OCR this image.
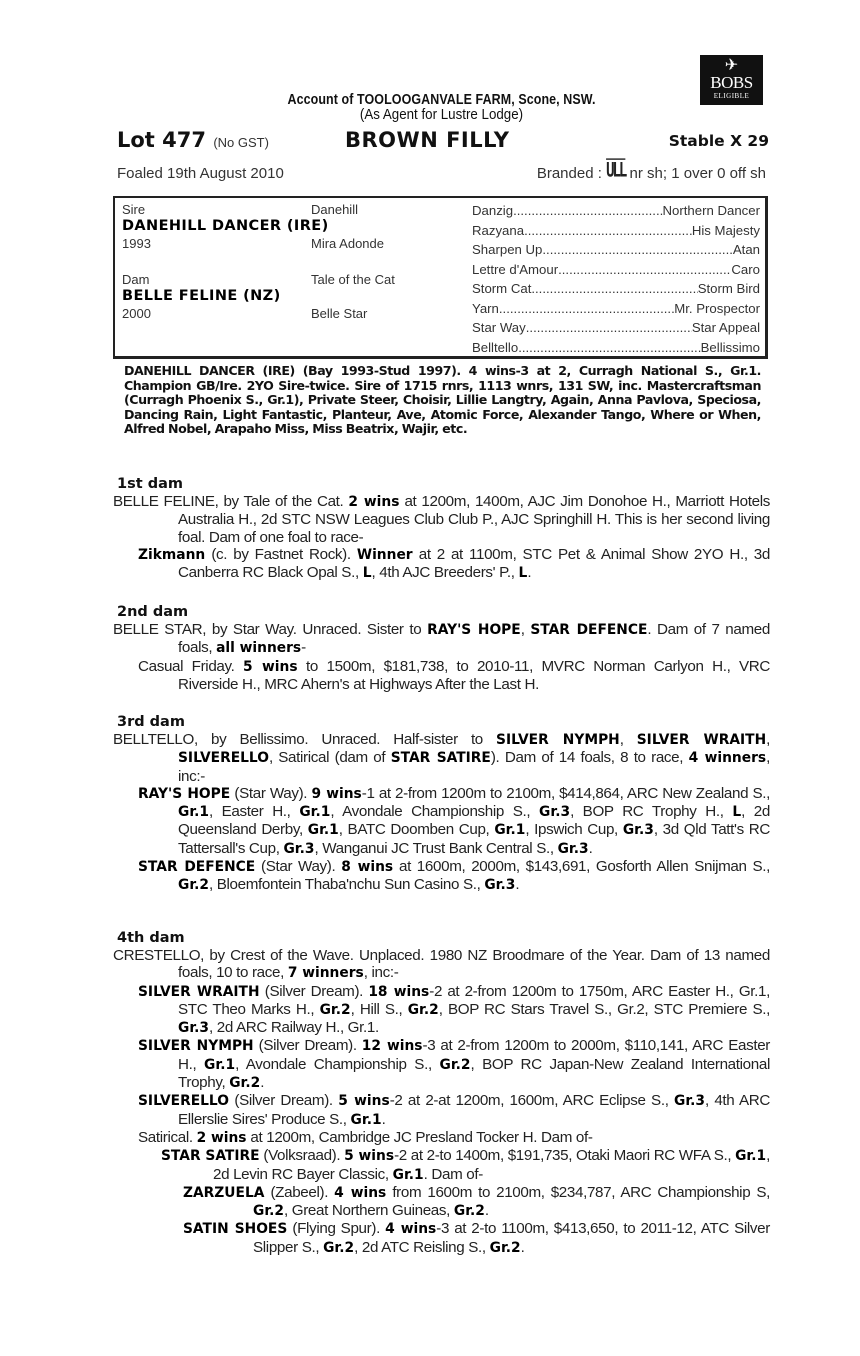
✈
BOBS
ELIGIBLE
Account of TOOLOOGANVALE FARM, Scone, NSW.
(As Agent for Lustre Lodge)
Lot 477 (No GST)	BROWN FILLY	Stable X 29
Foaled 19th August 2010	Branded : $\overline{ULL}$ nr sh; 1 over 0 off sh
Sire	Danehill
DANEHILL DANCER (IRE)
1993	Mira Adonde
Dam	Tale of the Cat
BELLE FELINE (NZ)
2000	Belle Star
Danzig .....	Northern Dancer
Razyana .....	His Majesty
Sharpen Up .....	Atan
Lettre d'Amour .....	Caro
Storm Cat .....	Storm Bird
Yarn .....	Mr. Prospector
Star Way .....	Star Appeal
Belltello .....	Bellissimo
DANEHILL DANCER (IRE) (Bay 1993-Stud 1997). 4 wins-3 at 2, Curragh National S., Gr.1. Champion GB/Ire. 2YO Sire-twice. Sire of 1715 rnrs, 1113 wnrs, 131 SW, inc. Mastercraftsman (Curragh Phoenix S., Gr.1), Private Steer, Choisir, Lillie Langtry, Again, Anna Pavlova, Speciosa, Dancing Rain, Light Fantastic, Planteur, Ave, Atomic Force, Alexander Tango, Where or When, Alfred Nobel, Arapaho Miss, Miss Beatrix, Wajir, etc.
1st dam
BELLE FELINE, by Tale of the Cat. 2 wins at 1200m, 1400m, AJC Jim Donohoe H., Marriott Hotels Australia H., 2d STC NSW Leagues Club Club P., AJC Springhill H. This is her second living foal. Dam of one foal to race-
Zikmann (c. by Fastnet Rock). Winner at 2 at 1100m, STC Pet & Animal Show 2YO H., 3d Canberra RC Black Opal S., L, 4th AJC Breeders' P., L.
2nd dam
BELLE STAR, by Star Way. Unraced. Sister to RAY'S HOPE, STAR DEFENCE. Dam of 7 named foals, all winners-
Casual Friday. 5 wins to 1500m, $181,738, to 2010-11, MVRC Norman Carlyon H., VRC Riverside H., MRC Ahern's at Highways After the Last H.
3rd dam
BELLTELLO, by Bellissimo. Unraced. Half-sister to SILVER NYMPH, SILVER WRAITH, SILVERELLO, Satirical (dam of STAR SATIRE). Dam of 14 foals, 8 to race, 4 winners, inc:-
RAY'S HOPE (Star Way). 9 wins-1 at 2-from 1200m to 2100m, $414,864, ARC New Zealand S., Gr.1, Easter H., Gr.1, Avondale Championship S., Gr.3, BOP RC Trophy H., L, 2d Queensland Derby, Gr.1, BATC Doomben Cup, Gr.1, Ipswich Cup, Gr.3, 3d Qld Tatt's RC Tattersall's Cup, Gr.3, Wanganui JC Trust Bank Central S., Gr.3.
STAR DEFENCE (Star Way). 8 wins at 1600m, 2000m, $143,691, Gosforth Allen Snijman S., Gr.2, Bloemfontein Thaba'nchu Sun Casino S., Gr.3.
4th dam
CRESTELLO, by Crest of the Wave. Unplaced. 1980 NZ Broodmare of the Year. Dam of 13 named foals, 10 to race, 7 winners, inc:-
SILVER WRAITH (Silver Dream). 18 wins-2 at 2-from 1200m to 1750m, ARC Easter H., Gr.1, STC Theo Marks H., Gr.2, Hill S., Gr.2, BOP RC Stars Travel S., Gr.2, STC Premiere S., Gr.3, 2d ARC Railway H., Gr.1.
SILVER NYMPH (Silver Dream). 12 wins-3 at 2-from 1200m to 2000m, $110,141, ARC Easter H., Gr.1, Avondale Championship S., Gr.2, BOP RC Japan-New Zealand International Trophy, Gr.2.
SILVERELLO (Silver Dream). 5 wins-2 at 2-at 1200m, 1600m, ARC Eclipse S., Gr.3, 4th ARC Ellerslie Sires' Produce S., Gr.1.
Satirical. 2 wins at 1200m, Cambridge JC Presland Tocker H. Dam of-
STAR SATIRE (Volksraad). 5 wins-2 at 2-to 1400m, $191,735, Otaki Maori RC WFA S., Gr.1, 2d Levin RC Bayer Classic, Gr.1. Dam of-
ZARZUELA (Zabeel). 4 wins from 1600m to 2100m, $234,787, ARC Championship S, Gr.2, Great Northern Guineas, Gr.2.
SATIN SHOES (Flying Spur). 4 wins-3 at 2-to 1100m, $413,650, to 2011-12, ATC Silver Slipper S., Gr.2, 2d ATC Reisling S., Gr.2.
